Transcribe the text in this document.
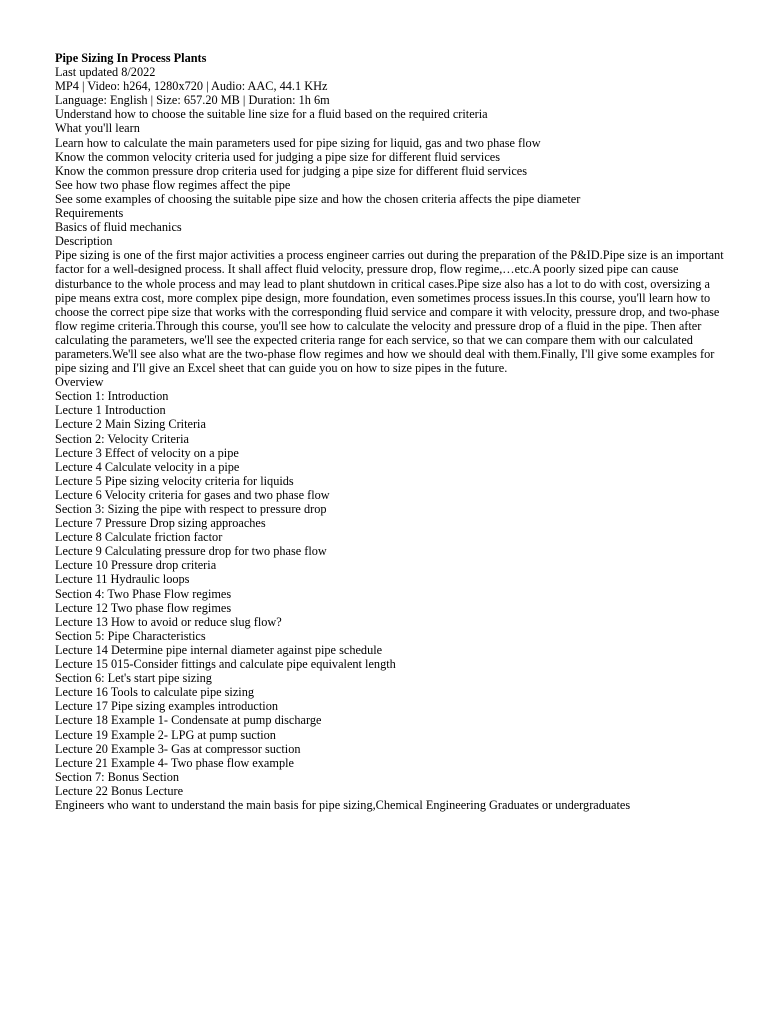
Pipe Sizing In Process Plants
Last updated 8/2022
MP4 | Video: h264, 1280x720 | Audio: AAC, 44.1 KHz
Language: English | Size: 657.20 MB | Duration: 1h 6m
Understand how to choose the suitable line size for a fluid based on the required criteria
What you'll learn
Learn how to calculate the main parameters used for pipe sizing for liquid, gas and two phase flow
Know the common velocity criteria used for judging a pipe size for different fluid services
Know the common pressure drop criteria used for judging a pipe size for different fluid services
See how two phase flow regimes affect the pipe
See some examples of choosing the suitable pipe size and how the chosen criteria affects the pipe diameter
Requirements
Basics of fluid mechanics
Description
Pipe sizing is one of the first major activities a process engineer carries out during the preparation of the P&ID.Pipe size is an important factor for a well-designed process. It shall affect fluid velocity, pressure drop, flow regime,…etc.A poorly sized pipe can cause disturbance to the whole process and may lead to plant shutdown in critical cases.Pipe size also has a lot to do with cost, oversizing a pipe means extra cost, more complex pipe design, more foundation, even sometimes process issues.In this course, you'll learn how to choose the correct pipe size that works with the corresponding fluid service and compare it with velocity, pressure drop, and two-phase flow regime criteria.Through this course, you'll see how to calculate the velocity and pressure drop of a fluid in the pipe. Then after calculating the parameters, we'll see the expected criteria range for each service, so that we can compare them with our calculated parameters.We'll see also what are the two-phase flow regimes and how we should deal with them.Finally, I'll give some examples for pipe sizing and I'll give an Excel sheet that can guide you on how to size pipes in the future.
Overview
Section 1: Introduction
Lecture 1 Introduction
Lecture 2 Main Sizing Criteria
Section 2: Velocity Criteria
Lecture 3 Effect of velocity on a pipe
Lecture 4 Calculate velocity in a pipe
Lecture 5 Pipe sizing velocity criteria for liquids
Lecture 6 Velocity criteria for gases and two phase flow
Section 3: Sizing the pipe with respect to pressure drop
Lecture 7 Pressure Drop sizing approaches
Lecture 8 Calculate friction factor
Lecture 9 Calculating pressure drop for two phase flow
Lecture 10 Pressure drop criteria
Lecture 11 Hydraulic loops
Section 4: Two Phase Flow regimes
Lecture 12 Two phase flow regimes
Lecture 13 How to avoid or reduce slug flow?
Section 5: Pipe Characteristics
Lecture 14 Determine pipe internal diameter against pipe schedule
Lecture 15 015-Consider fittings and calculate pipe equivalent length
Section 6: Let's start pipe sizing
Lecture 16 Tools to calculate pipe sizing
Lecture 17 Pipe sizing examples introduction
Lecture 18 Example 1- Condensate at pump discharge
Lecture 19 Example 2- LPG at pump suction
Lecture 20 Example 3- Gas at compressor suction
Lecture 21 Example 4- Two phase flow example
Section 7: Bonus Section
Lecture 22 Bonus Lecture
Engineers who want to understand the main basis for pipe sizing,Chemical Engineering Graduates or undergraduates
